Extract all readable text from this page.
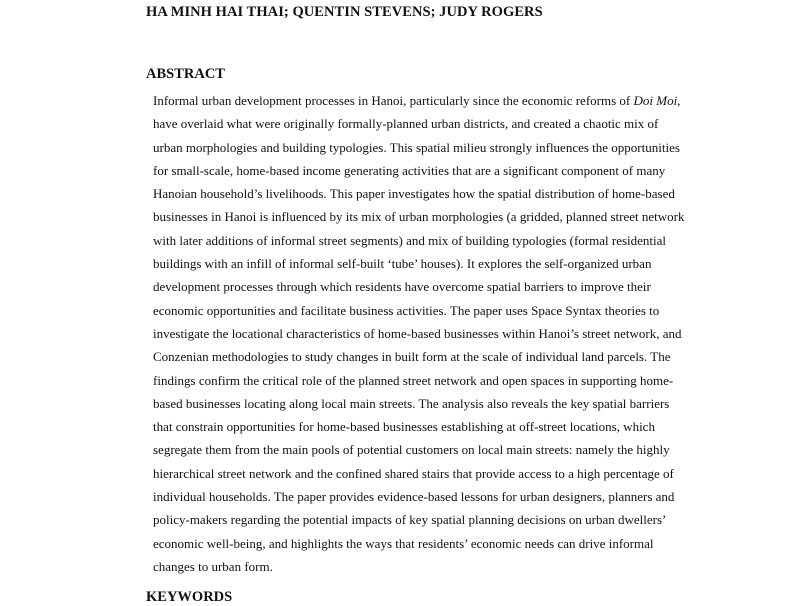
HA MINH HAI THAI; QUENTIN STEVENS; JUDY ROGERS
ABSTRACT
Informal urban development processes in Hanoi, particularly since the economic reforms of Doi Moi,
have overlaid what were originally formally-planned urban districts, and created a chaotic mix of
urban morphologies and building typologies. This spatial milieu strongly influences the opportunities
for small-scale, home-based income generating activities that are a significant component of many
Hanoian household’s livelihoods. This paper investigates how the spatial distribution of home-based
businesses in Hanoi is influenced by its mix of urban morphologies (a gridded, planned street network
with later additions of informal street segments) and mix of building typologies (formal residential
buildings with an infill of informal self-built ‘tube’ houses). It explores the self-organized urban
development processes through which residents have overcome spatial barriers to improve their
economic opportunities and facilitate business activities. The paper uses Space Syntax theories to
investigate the locational characteristics of home-based businesses within Hanoi’s street network, and
Conzenian methodologies to study changes in built form at the scale of individual land parcels. The
findings confirm the critical role of the planned street network and open spaces in supporting home-
based businesses locating along local main streets. The analysis also reveals the key spatial barriers
that constrain opportunities for home-based businesses establishing at off-street locations, which
segregate them from the main pools of potential customers on local main streets: namely the highly
hierarchical street network and the confined shared stairs that provide access to a high percentage of
individual households. The paper provides evidence-based lessons for urban designers, planners and
policy-makers regarding the potential impacts of key spatial planning decisions on urban dwellers’
economic well-being, and highlights the ways that residents’ economic needs can drive informal
changes to urban form.
KEYWORDS
